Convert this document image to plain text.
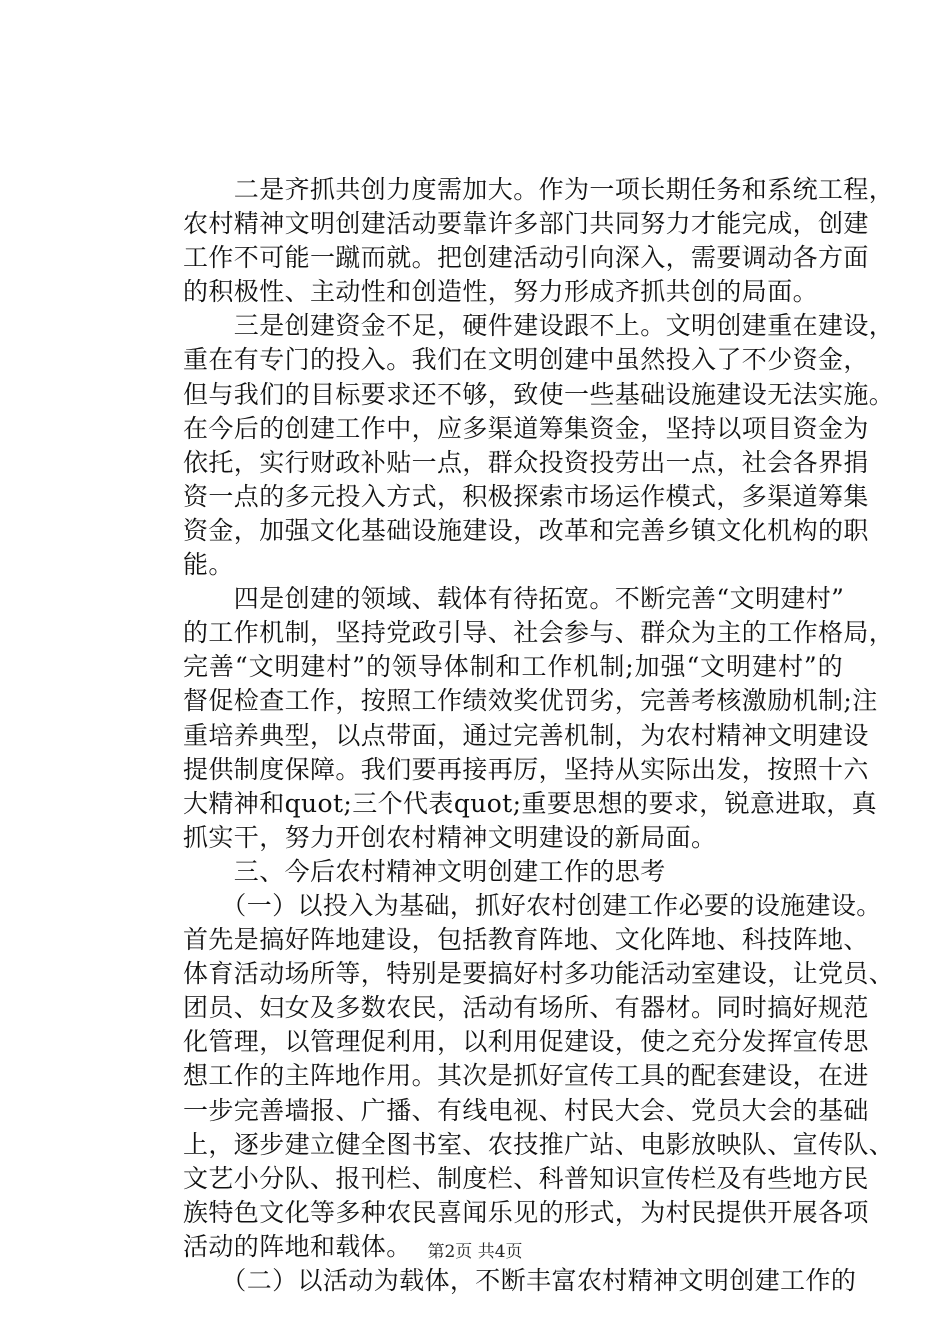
　　二是齐抓共创力度需加大。作为一项长期任务和系统工程，
农村精神文明创建活动要靠许多部门共同努力才能完成，创建
工作不可能一蹴而就。把创建活动引向深入，需要调动各方面
的积极性、主动性和创造性，努力形成齐抓共创的局面。
　　三是创建资金不足，硬件建设跟不上。文明创建重在建设，
重在有专门的投入。我们在文明创建中虽然投入了不少资金，
但与我们的目标要求还不够，致使一些基础设施建设无法实施。
在今后的创建工作中，应多渠道筹集资金，坚持以项目资金为
依托，实行财政补贴一点，群众投资投劳出一点，社会各界捐
资一点的多元投入方式，积极探索市场运作模式，多渠道筹集
资金，加强文化基础设施建设，改革和完善乡镇文化机构的职
能。
　　四是创建的领域、载体有待拓宽。不断完善“文明建村”
的工作机制，坚持党政引导、社会参与、群众为主的工作格局，
完善“文明建村”的领导体制和工作机制;加强“文明建村”的
督促检查工作，按照工作绩效奖优罚劣，完善考核激励机制;注
重培养典型，以点带面，通过完善机制，为农村精神文明建设
提供制度保障。我们要再接再厉，坚持从实际出发，按照十六
大精神和quot;三个代表quot;重要思想的要求，锐意进取，真
抓实干，努力开创农村精神文明建设的新局面。
　　三、今后农村精神文明创建工作的思考
　　（一）以投入为基础，抓好农村创建工作必要的设施建设。
首先是搞好阵地建设，包括教育阵地、文化阵地、科技阵地、
体育活动场所等，特别是要搞好村多功能活动室建设，让党员、
团员、妇女及多数农民，活动有场所、有器材。同时搞好规范
化管理，以管理促利用，以利用促建设，使之充分发挥宣传思
想工作的主阵地作用。其次是抓好宣传工具的配套建设，在进
一步完善墙报、广播、有线电视、村民大会、党员大会的基础
上，逐步建立健全图书室、农技推广站、电影放映队、宣传队、
文艺小分队、报刊栏、制度栏、科普知识宣传栏及有些地方民
族特色文化等多种农民喜闻乐见的形式，为村民提供开展各项
活动的阵地和载体。
　　（二）以活动为载体，不断丰富农村精神文明创建工作的
第2页 共4页
